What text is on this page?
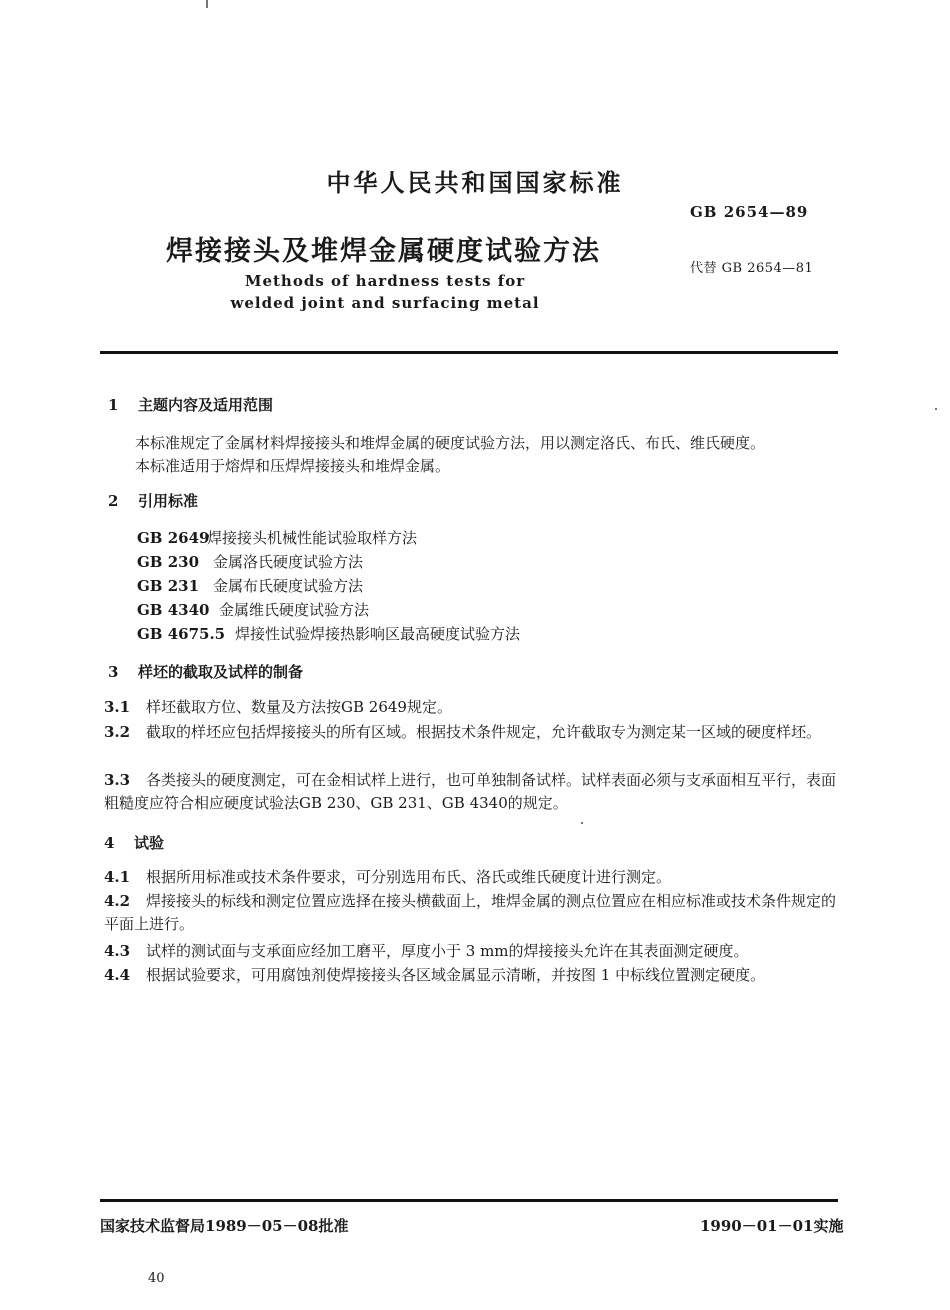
中华人民共和国国家标准
GB 2654—89
焊接接头及堆焊金属硬度试验方法
代替 GB 2654—81
Methods of hardness tests for
welded joint and surfacing metal
1 主题内容及适用范围
本标准规定了金属材料焊接接头和堆焊金属的硬度试验方法，用以测定洛氏、布氏、维氏硬度。
本标准适用于熔焊和压焊焊接接头和堆焊金属。
2 引用标准
GB 2649焊接接头机械性能试验取样方法
GB 230 金属洛氏硬度试验方法
GB 231 金属布氏硬度试验方法
GB 4340 金属维氏硬度试验方法
GB 4675.5 焊接性试验焊接热影响区最高硬度试验方法
3 样坯的截取及试样的制备
3.1 样坯截取方位、数量及方法按GB 2649规定。
3.2 截取的样坯应包括焊接接头的所有区域。根据技术条件规定，允许截取专为测定某一区域的硬度样坯。
3.3 各类接头的硬度测定，可在金相试样上进行，也可单独制备试样。试样表面必须与支承面相互平行，表面粗糙度应符合相应硬度试验法GB 230、GB 231、GB 4340的规定。
4 试验
4.1 根据所用标准或技术条件要求，可分别选用布氏、洛氏或维氏硬度计进行测定。
4.2 焊接接头的标线和测定位置应选择在接头横截面上，堆焊金属的测点位置应在相应标准或技术条件规定的平面上进行。
4.3 试样的测试面与支承面应经加工磨平，厚度小于 3 mm的焊接接头允许在其表面测定硬度。
4.4 根据试验要求，可用腐蚀剂使焊接接头各区域金属显示清晰，并按图 1 中标线位置测定硬度。
国家技术监督局1989－05－08批准	1990－01－01实施
40
